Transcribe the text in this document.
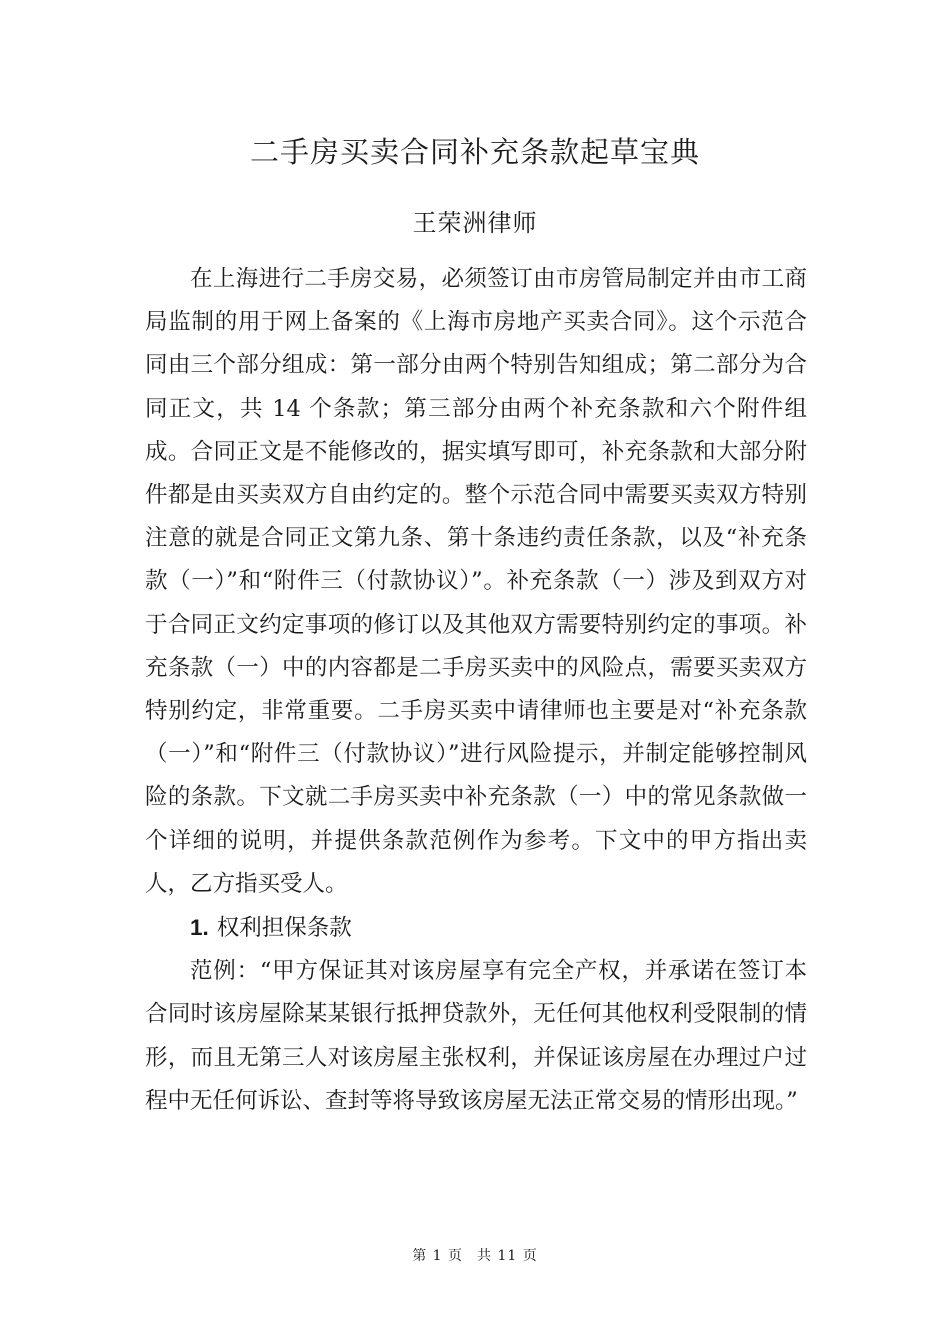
二手房买卖合同补充条款起草宝典
王荣洲律师

在上海进行二手房交易，必须签订由市房管局制定并由市工商局监制的用于网上备案的《上海市房地产买卖合同》。这个示范合同由三个部分组成：第一部分由两个特别告知组成；第二部分为合同正文，共 14 个条款；第三部分由两个补充条款和六个附件组成。合同正文是不能修改的，据实填写即可，补充条款和大部分附件都是由买卖双方自由约定的。整个示范合同中需要买卖双方特别注意的就是合同正文第九条、第十条违约责任条款，以及“补充条款（一）”和“附件三（付款协议）”。补充条款（一）涉及到双方对于合同正文约定事项的修订以及其他双方需要特别约定的事项。补充条款（一）中的内容都是二手房买卖中的风险点，需要买卖双方特别约定，非常重要。二手房买卖中请律师也主要是对“补充条款（一）”和“附件三（付款协议）”进行风险提示，并制定能够控制风险的条款。下文就二手房买卖中补充条款（一）中的常见条款做一个详细的说明，并提供条款范例作为参考。下文中的甲方指出卖人，乙方指买受人。

1. 权利担保条款

范例：“甲方保证其对该房屋享有完全产权，并承诺在签订本合同时该房屋除某某银行抵押贷款外，无任何其他权利受限制的情形，而且无第三人对该房屋主张权利，并保证该房屋在办理过户过程中无任何诉讼、查封等将导致该房屋无法正常交易的情形出现。”

第 1 页 共 11 页
